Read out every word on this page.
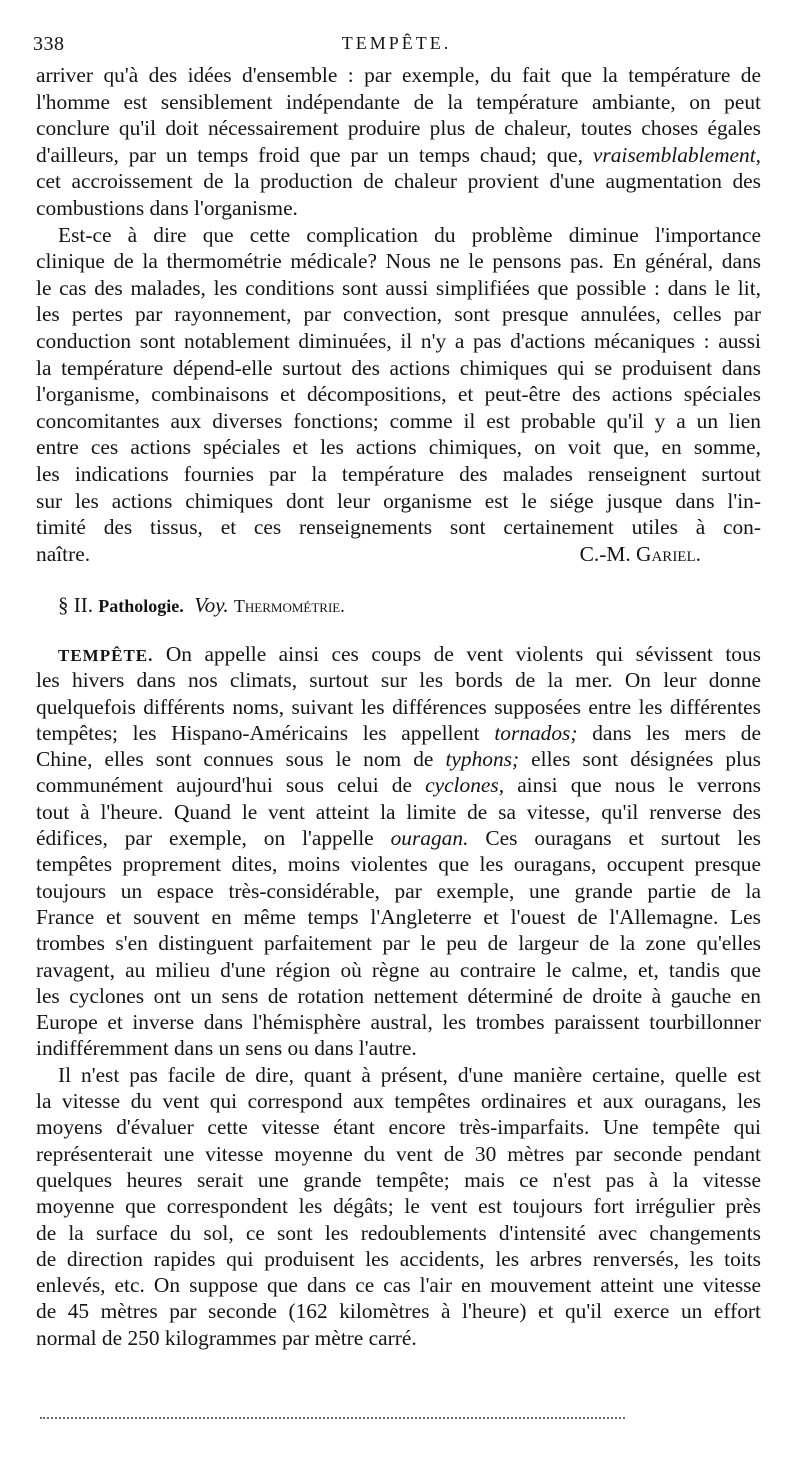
338	TEMPÊTE.
arriver qu'à des idées d'ensemble : par exemple, du fait que la température de
l'homme est sensiblement indépendante de la température ambiante, on peut
conclure qu'il doit nécessairement produire plus de chaleur, toutes choses égales
d'ailleurs, par un temps froid que par un temps chaud; que, vraisemblablement,
cet accroissement de la production de chaleur provient d'une augmentation des
combustions dans l'organisme.
Est-ce à dire que cette complication du problème diminue l'importance
clinique de la thermométrie médicale? Nous ne le pensons pas. En général, dans
le cas des malades, les conditions sont aussi simplifiées que possible : dans le lit,
les pertes par rayonnement, par convection, sont presque annulées, celles par
conduction sont notablement diminuées, il n'y a pas d'actions mécaniques : aussi
la température dépend-elle surtout des actions chimiques qui se produisent dans
l'organisme, combinaisons et décompositions, et peut-être des actions spéciales
concomitantes aux diverses fonctions; comme il est probable qu'il y a un lien
entre ces actions spéciales et les actions chimiques, on voit que, en somme,
les indications fournies par la température des malades renseignent surtout
sur les actions chimiques dont leur organisme est le siége jusque dans l'in-
timité des tissus, et ces renseignements sont certainement utiles à con-
naître.	C.-M. Gariel.
§ II. Pathologie. Voy. Thermométrie.
TEMPÊTE. On appelle ainsi ces coups de vent violents qui sévissent tous
les hivers dans nos climats, surtout sur les bords de la mer. On leur donne
quelquefois différents noms, suivant les différences supposées entre les différentes
tempêtes; les Hispano-Américains les appellent tornados; dans les mers de
Chine, elles sont connues sous le nom de typhons; elles sont désignées plus
communément aujourd'hui sous celui de cyclones, ainsi que nous le verrons
tout à l'heure. Quand le vent atteint la limite de sa vitesse, qu'il renverse des
édifices, par exemple, on l'appelle ouragan. Ces ouragans et surtout les
tempêtes proprement dites, moins violentes que les ouragans, occupent presque
toujours un espace très-considérable, par exemple, une grande partie de la
France et souvent en même temps l'Angleterre et l'ouest de l'Allemagne. Les
trombes s'en distinguent parfaitement par le peu de largeur de la zone qu'elles
ravagent, au milieu d'une région où règne au contraire le calme, et, tandis que
les cyclones ont un sens de rotation nettement déterminé de droite à gauche en
Europe et inverse dans l'hémisphère austral, les trombes paraissent tourbillonner
indifféremment dans un sens ou dans l'autre.
Il n'est pas facile de dire, quant à présent, d'une manière certaine, quelle est
la vitesse du vent qui correspond aux tempêtes ordinaires et aux ouragans, les
moyens d'évaluer cette vitesse étant encore très-imparfaits. Une tempête qui
représenterait une vitesse moyenne du vent de 30 mètres par seconde pendant
quelques heures serait une grande tempête; mais ce n'est pas à la vitesse
moyenne que correspondent les dégâts; le vent est toujours fort irrégulier près
de la surface du sol, ce sont les redoublements d'intensité avec changements
de direction rapides qui produisent les accidents, les arbres renversés, les toits
enlevés, etc. On suppose que dans ce cas l'air en mouvement atteint une vitesse
de 45 mètres par seconde (162 kilomètres à l'heure) et qu'il exerce un effort
normal de 250 kilogrammes par mètre carré.
